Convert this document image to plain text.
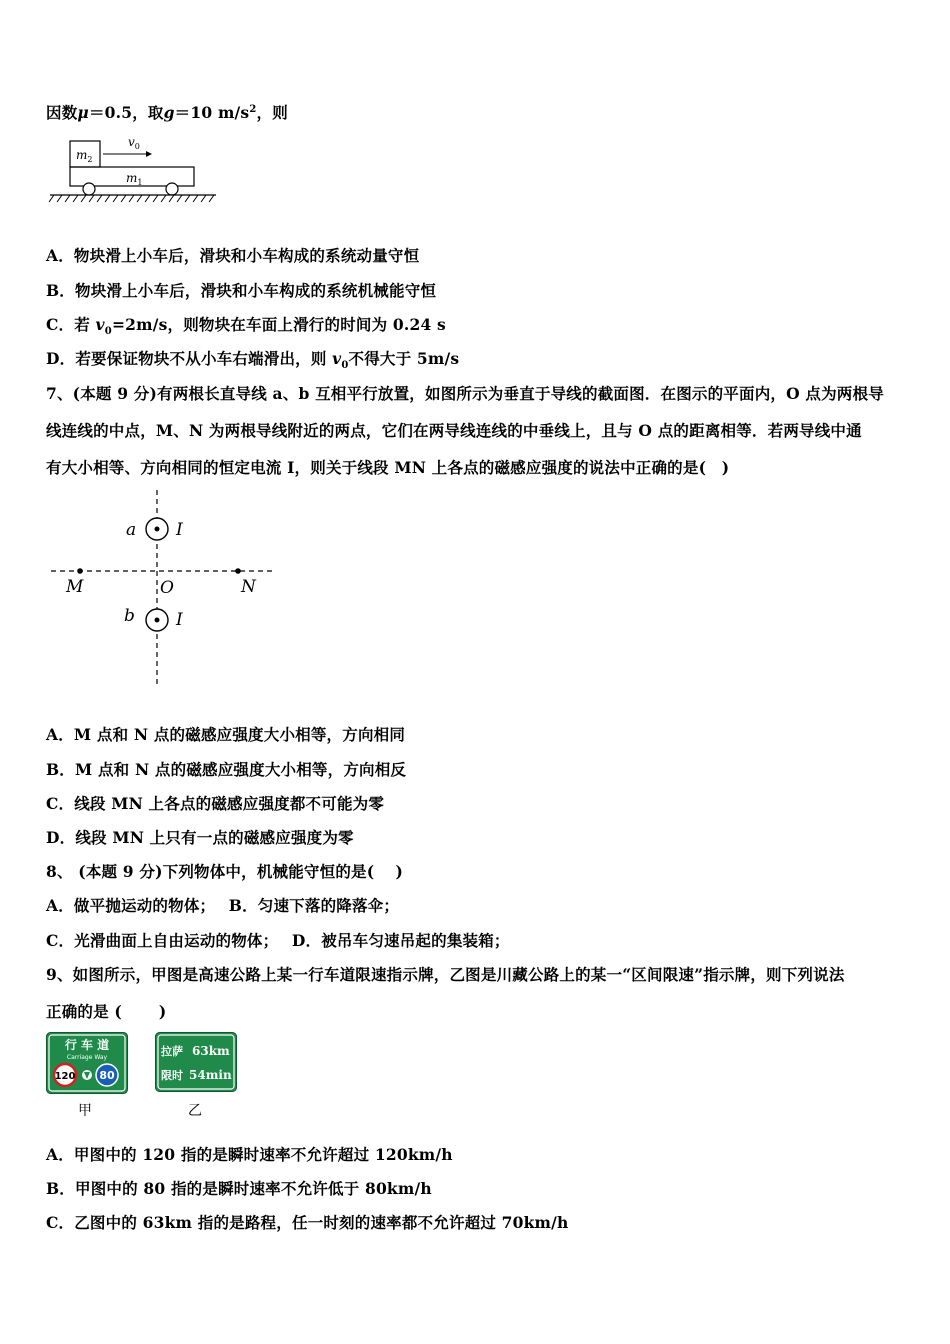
因数μ＝0.5，取g＝10 $m/s^2$，则
$m_2$
$v_0$
$m_1$
A．物块滑上小车后，滑块和小车构成的系统动量守恒
B．物块滑上小车后，滑块和小车构成的系统机械能守恒
C．若 $v_0=2m/s$，则物块在车面上滑行的时间为 0.24 s
D．若要保证物块不从小车右端滑出，则 $v_0$不得大于 5m/s
7、(本题 9 分)有两根长直导线 a、b 互相平行放置，如图所示为垂直于导线的截面图．在图示的平面内，O 点为两根导
线连线的中点，M、N 为两根导线附近的两点，它们在两导线连线的中垂线上，且与 O 点的距离相等．若两导线中通
有大小相等、方向相同的恒定电流 I，则关于线段 MN 上各点的磁感应强度的说法中正确的是(　)
a I
M	O	N
b I
A．M 点和 N 点的磁感应强度大小相等，方向相同
B．M 点和 N 点的磁感应强度大小相等，方向相反
C．线段 MN 上各点的磁感应强度都不可能为零
D．线段 MN 上只有一点的磁感应强度为零
8、 (本题 9 分)下列物体中，机械能守恒的是(　 )
A．做平抛运动的物体；　 B．匀速下落的降落伞；
C．光滑曲面上自由运动的物体；　 D．被吊车匀速吊起的集装箱；
9、如图所示，甲图是高速公路上某一行车道限速指示牌，乙图是川藏公路上的某一“区间限速”指示牌，则下列说法
正确的是 (　　 )
行 车 道
Carriage Way
120 80
拉萨 63km
限时 54min
甲	乙
A．甲图中的 120 指的是瞬时速率不允许超过 120km/h
B．甲图中的 80 指的是瞬时速率不允许低于 80km/h
C．乙图中的 63km 指的是路程，任一时刻的速率都不允许超过 70km/h
